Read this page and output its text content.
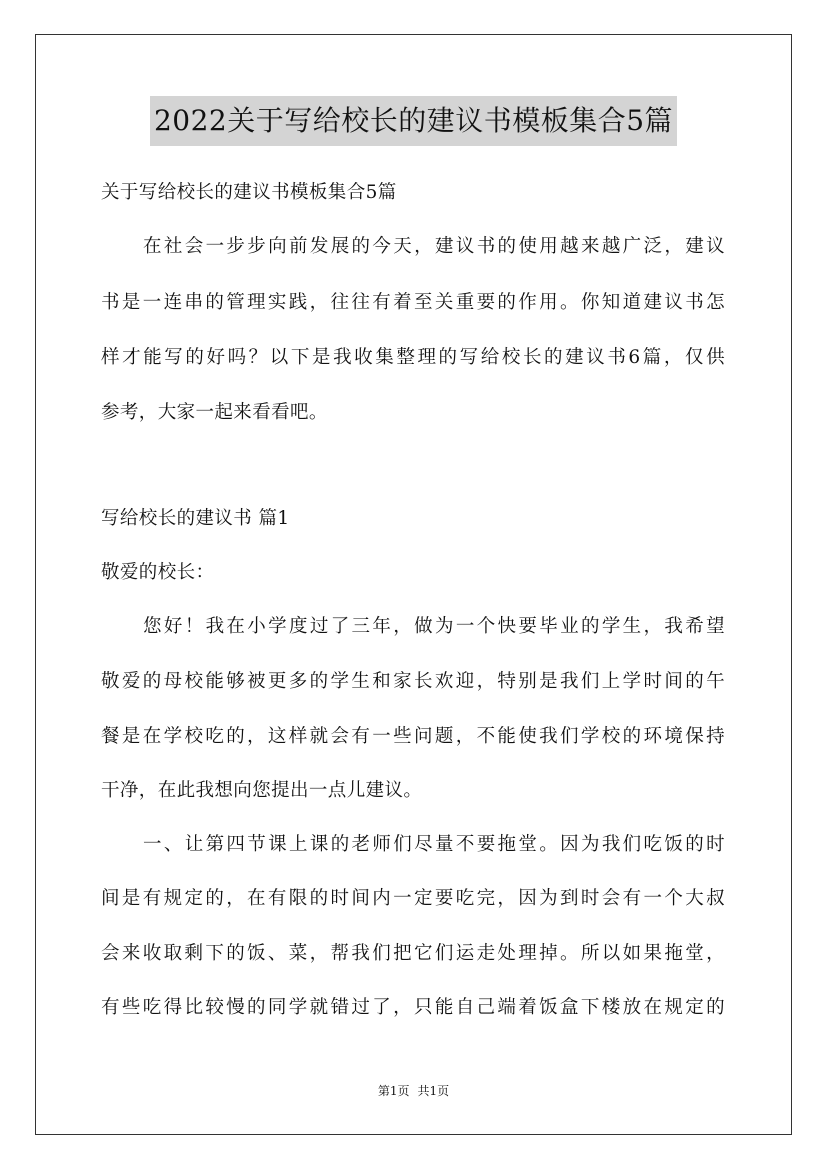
2022关于写给校长的建议书模板集合5篇
关于写给校长的建议书模板集合5篇
在社会一步步向前发展的今天，建议书的使用越来越广泛，建议
书是一连串的管理实践，往往有着至关重要的作用。你知道建议书怎
样才能写的好吗？以下是我收集整理的写给校长的建议书6篇，仅供
参考，大家一起来看看吧。
写给校长的建议书 篇1
敬爱的校长：
您好！我在小学度过了三年，做为一个快要毕业的学生，我希望
敬爱的母校能够被更多的学生和家长欢迎，特别是我们上学时间的午
餐是在学校吃的，这样就会有一些问题，不能使我们学校的环境保持
干净，在此我想向您提出一点儿建议。
一、让第四节课上课的老师们尽量不要拖堂。因为我们吃饭的时
间是有规定的，在有限的时间内一定要吃完，因为到时会有一个大叔
会来收取剩下的饭、菜，帮我们把它们运走处理掉。所以如果拖堂，
有些吃得比较慢的同学就错过了，只能自己端着饭盒下楼放在规定的
第1页 共1页
